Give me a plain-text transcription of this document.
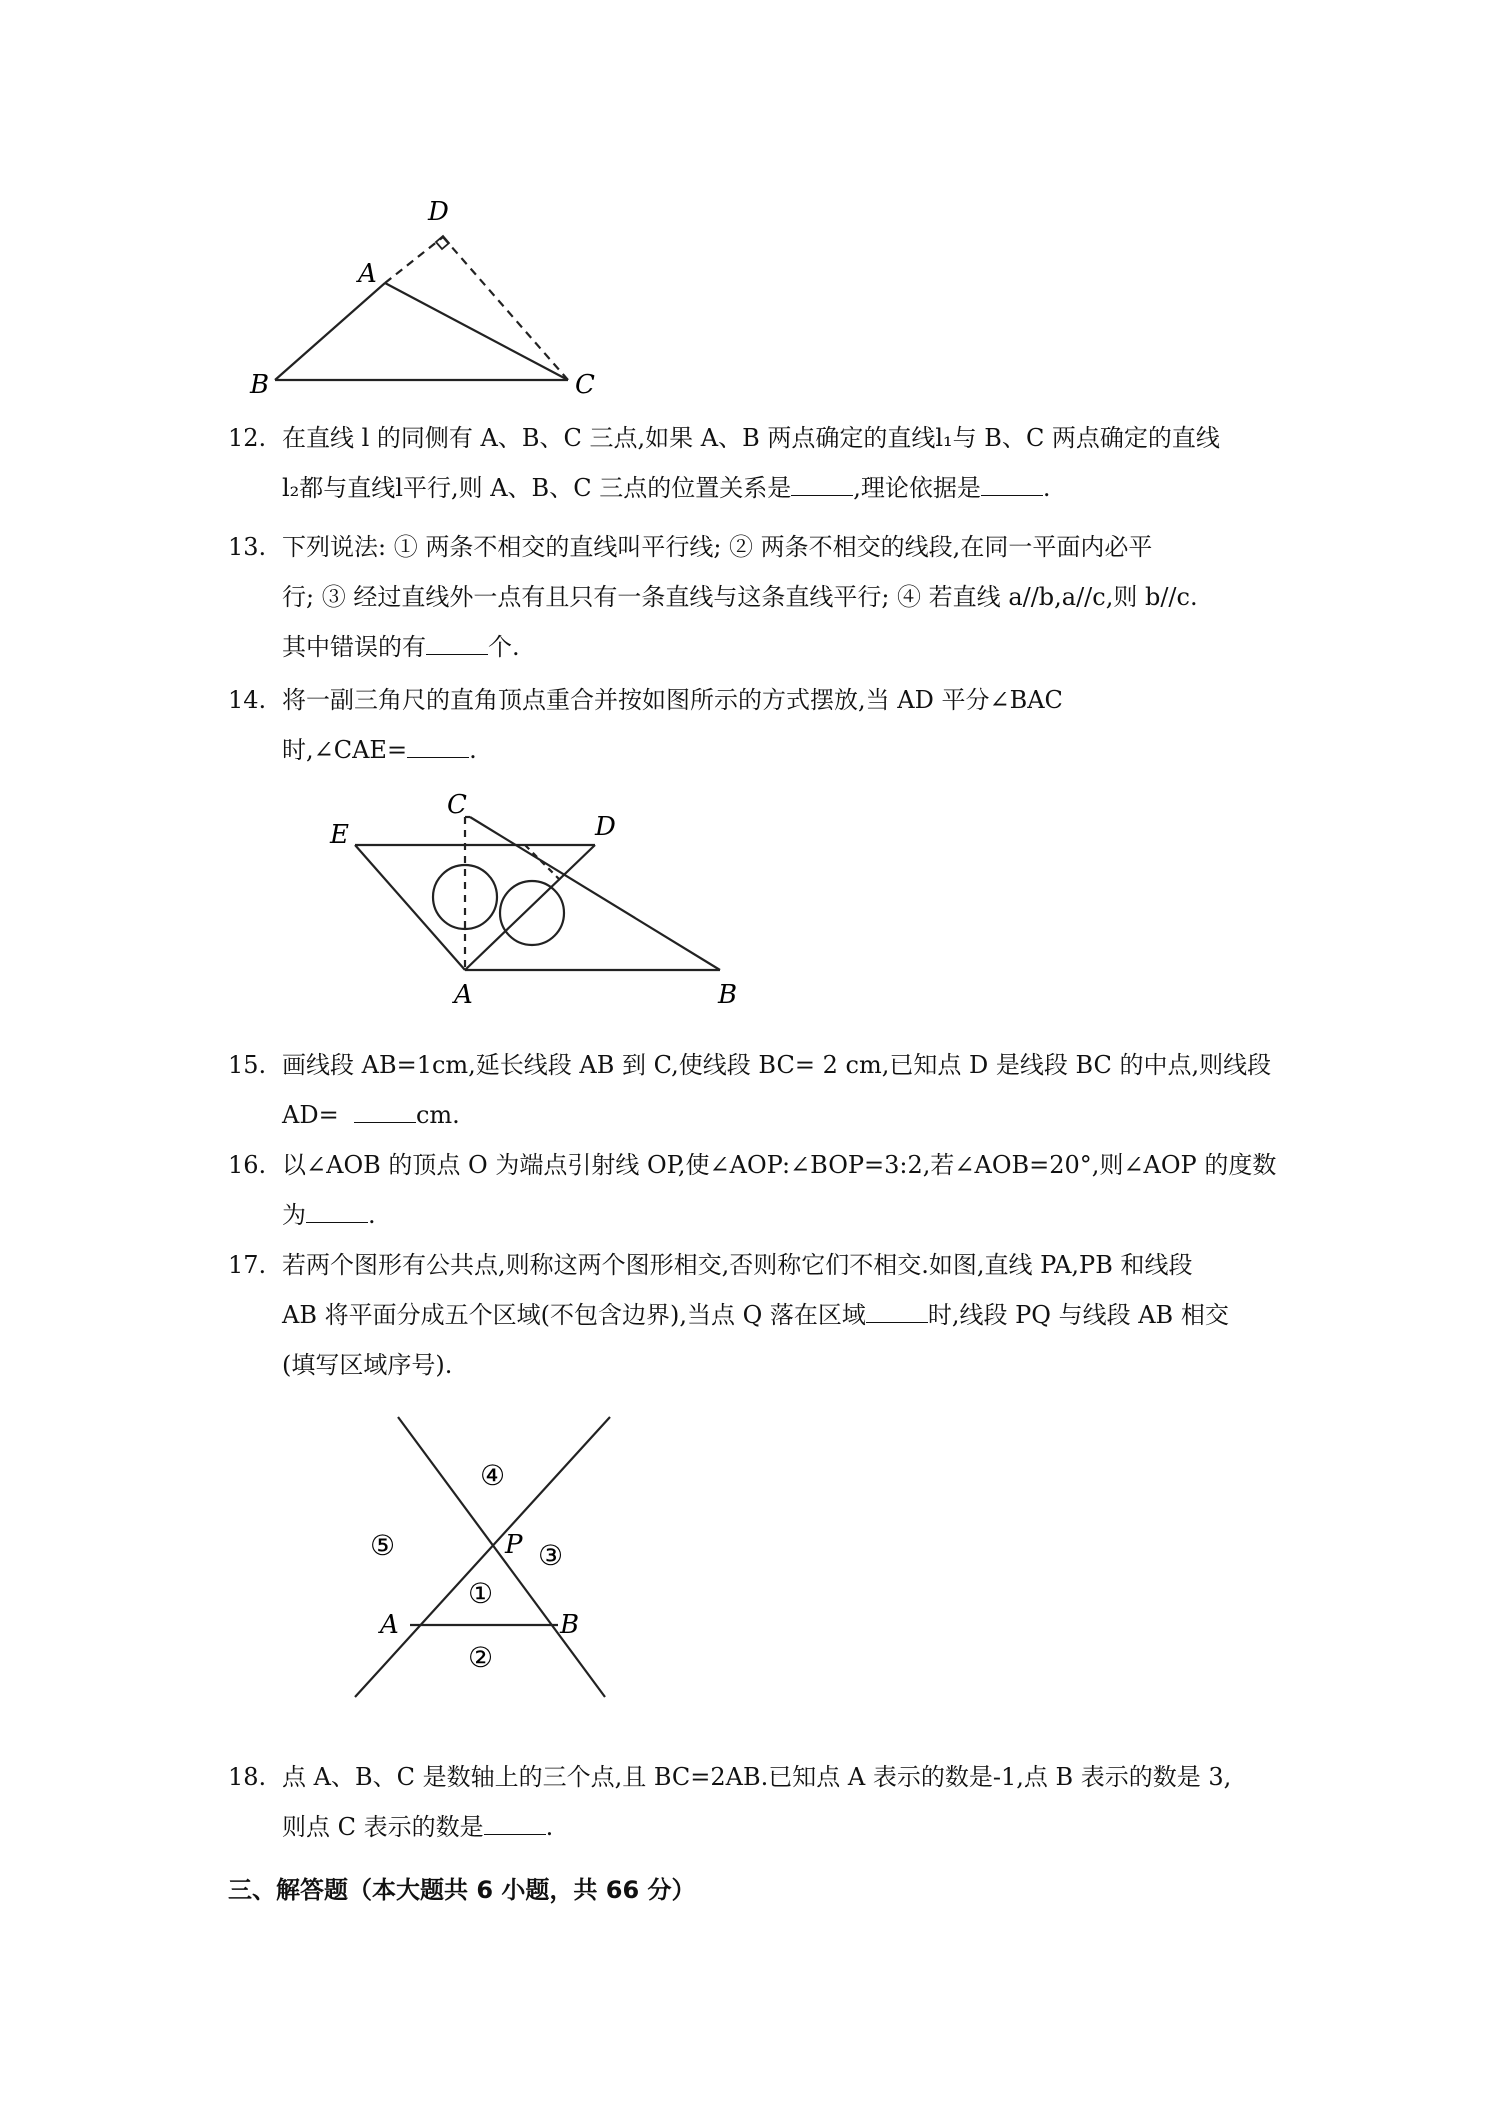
A
B	C
D
12. 在直线 l 的同侧有 A、B、C 三点,如果 A、B 两点确定的直线l₁与 B、C 两点确定的直线
l₂都与直线l平行,则 A、B、C 三点的位置关系是	,理论依据是	.
13. 下列说法: ① 两条不相交的直线叫平行线; ② 两条不相交的线段,在同一平面内必平
行; ③ 经过直线外一点有且只有一条直线与这条直线平行; ④ 若直线 a//b,a//c,则 b//c.
其中错误的有	个.
14. 将一副三角尺的直角顶点重合并按如图所示的方式摆放,当 AD 平分∠BAC
时,∠CAE=	.
E
C
D
A	B
15. 画线段 AB=1cm,延长线段 AB 到 C,使线段 BC= 2 cm,已知点 D 是线段 BC 的中点,则线段
AD=	cm.
16. 以∠AOB 的顶点 O 为端点引射线 OP,使∠AOP:∠BOP=3:2,若∠AOB=20°,则∠AOP 的度数
为	.
17. 若两个图形有公共点,则称这两个图形相交,否则称它们不相交.如图,直线 PA,PB 和线段
AB 将平面分成五个区域(不包含边界),当点 Q 落在区域	时,线段 PQ 与线段 AB 相交
(填写区域序号).
④
⑤	P ③
①
A	B
②
18. 点 A、B、C 是数轴上的三个点,且 BC=2AB.已知点 A 表示的数是-1,点 B 表示的数是 3,
则点 C 表示的数是	.
三、解答题（本大题共 6 小题，共 66 分）
